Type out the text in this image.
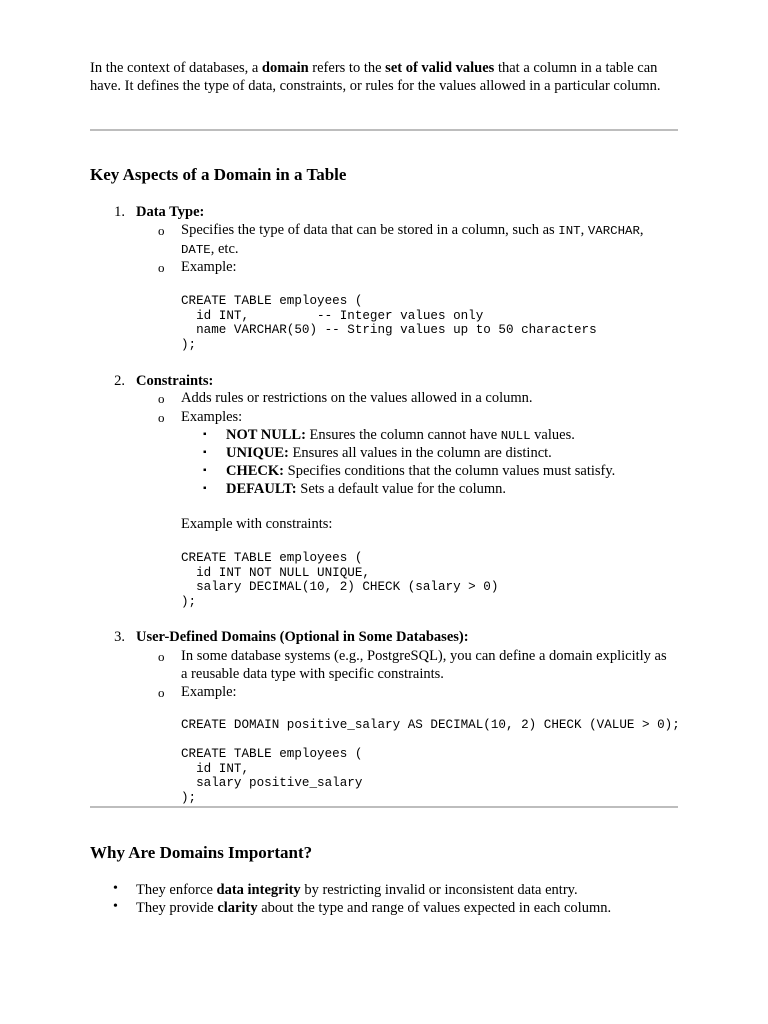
In the context of databases, a domain refers to the set of valid values that a column in a table can have. It defines the type of data, constraints, or rules for the values allowed in a particular column.
Key Aspects of a Domain in a Table
1. Data Type:
o Specifies the type of data that can be stored in a column, such as INT, VARCHAR,
DATE, etc.
o Example:
CREATE TABLE employees (
id INT,         -- Integer values only
name VARCHAR(50) -- String values up to 50 characters
);
2. Constraints:
o Adds rules or restrictions on the values allowed in a column.
o Examples:
▪ NOT NULL: Ensures the column cannot have NULL values.
▪ UNIQUE: Ensures all values in the column are distinct.
▪ CHECK: Specifies conditions that the column values must satisfy.
▪ DEFAULT: Sets a default value for the column.
Example with constraints:
CREATE TABLE employees (
id INT NOT NULL UNIQUE,
salary DECIMAL(10, 2) CHECK (salary > 0)
);
3. User-Defined Domains (Optional in Some Databases):
o In some database systems (e.g., PostgreSQL), you can define a domain explicitly as a reusable data type with specific constraints.
o Example:
CREATE DOMAIN positive_salary AS DECIMAL(10, 2) CHECK (VALUE > 0);

CREATE TABLE employees (
id INT,
salary positive_salary
);
Why Are Domains Important?
• They enforce data integrity by restricting invalid or inconsistent data entry.
• They provide clarity about the type and range of values expected in each column.
